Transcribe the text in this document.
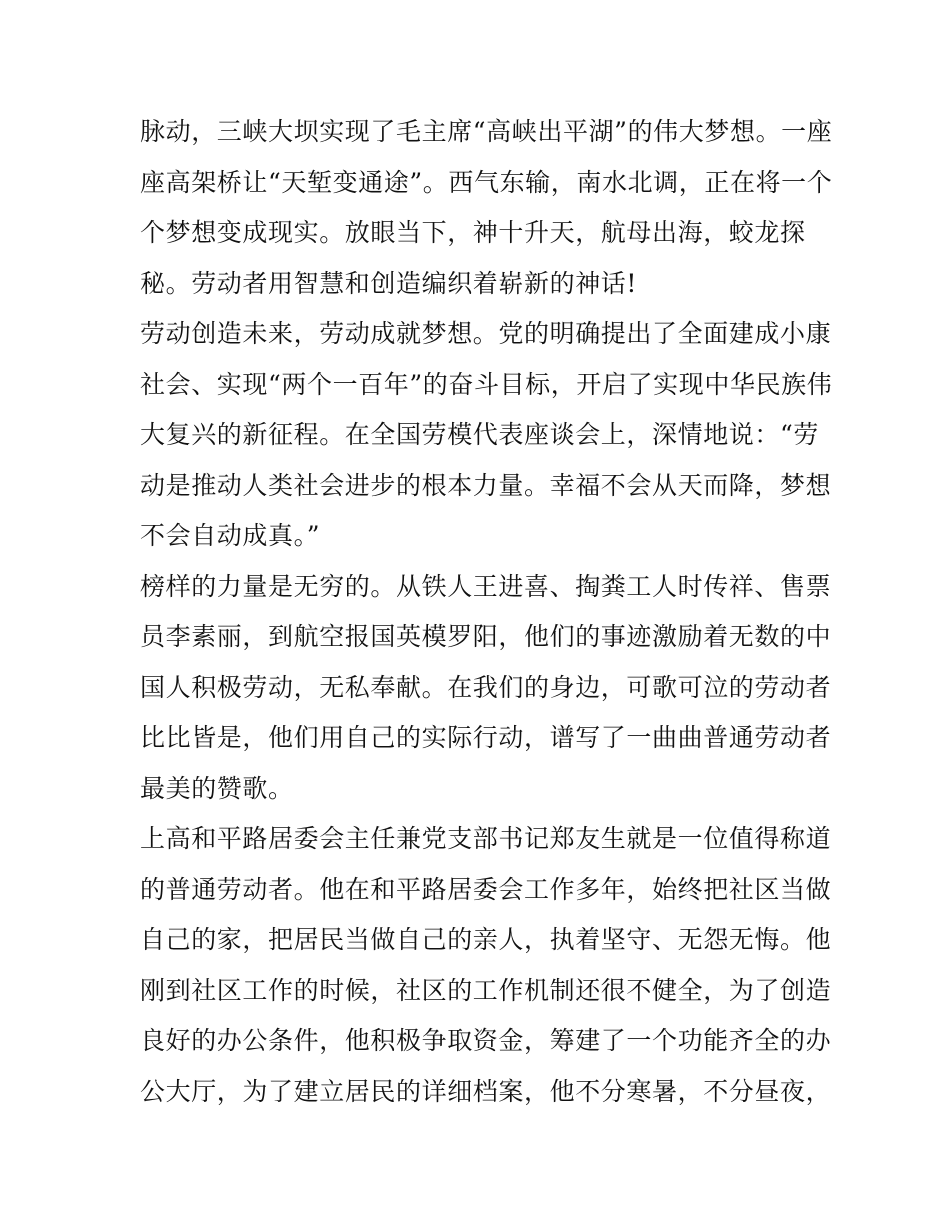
脉动，三峡大坝实现了毛主席“高峡出平湖”的伟大梦想。一座
座高架桥让“天堑变通途”。西气东输，南水北调，正在将一个
个梦想变成现实。放眼当下，神十升天，航母出海，蛟龙探
秘。劳动者用智慧和创造编织着崭新的神话!
劳动创造未来，劳动成就梦想。党的明确提出了全面建成小康
社会、实现“两个一百年”的奋斗目标，开启了实现中华民族伟
大复兴的新征程。在全国劳模代表座谈会上，深情地说：“劳
动是推动人类社会进步的根本力量。幸福不会从天而降，梦想
不会自动成真。”
榜样的力量是无穷的。从铁人王进喜、掏粪工人时传祥、售票
员李素丽，到航空报国英模罗阳，他们的事迹激励着无数的中
国人积极劳动，无私奉献。在我们的身边，可歌可泣的劳动者
比比皆是，他们用自己的实际行动，谱写了一曲曲普通劳动者
最美的赞歌。
上高和平路居委会主任兼党支部书记郑友生就是一位值得称道
的普通劳动者。他在和平路居委会工作多年，始终把社区当做
自己的家，把居民当做自己的亲人，执着坚守、无怨无悔。他
刚到社区工作的时候，社区的工作机制还很不健全，为了创造
良好的办公条件，他积极争取资金，筹建了一个功能齐全的办
公大厅，为了建立居民的详细档案，他不分寒暑，不分昼夜，
